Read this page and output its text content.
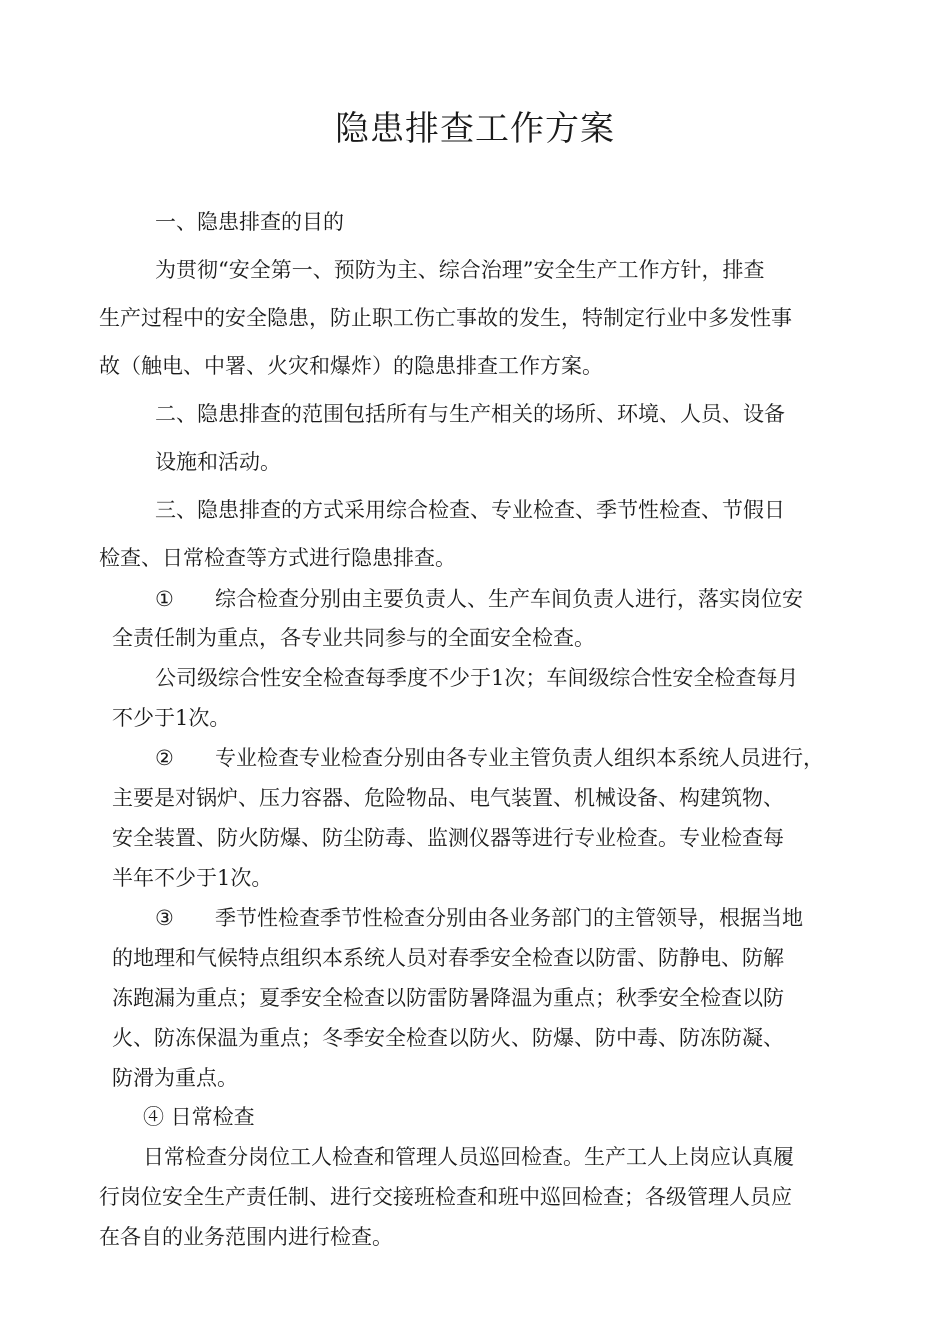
隐患排查工作方案
一、隐患排查的目的
为贯彻“安全第一、预防为主、综合治理”安全生产工作方针，排查
生产过程中的安全隐患，防止职工伤亡事故的发生，特制定行业中多发性事
故（触电、中署、火灾和爆炸）的隐患排查工作方案。
二、隐患排查的范围包括所有与生产相关的场所、环境、人员、设备
设施和活动。
三、隐患排查的方式采用综合检查、专业检查、季节性检查、节假日
检查、日常检查等方式进行隐患排查。
① 综合检查分别由主要负责人、生产车间负责人进行，落实岗位安
全责任制为重点，各专业共同参与的全面安全检查。
公司级综合性安全检查每季度不少于1次；车间级综合性安全检查每月
不少于1次。
② 专业检查专业检查分别由各专业主管负责人组织本系统人员进行，
主要是对锅炉、压力容器、危险物品、电气装置、机械设备、构建筑物、
安全装置、防火防爆、防尘防毒、监测仪器等进行专业检查。专业检查每
半年不少于1次。
③ 季节性检查季节性检查分别由各业务部门的主管领导，根据当地
的地理和气候特点组织本系统人员对春季安全检查以防雷、防静电、防解
冻跑漏为重点；夏季安全检查以防雷防暑降温为重点；秋季安全检查以防
火、防冻保温为重点；冬季安全检查以防火、防爆、防中毒、防冻防凝、
防滑为重点。
④ 日常检查
日常检查分岗位工人检查和管理人员巡回检查。生产工人上岗应认真履
行岗位安全生产责任制、进行交接班检查和班中巡回检查；各级管理人员应
在各自的业务范围内进行检查。
